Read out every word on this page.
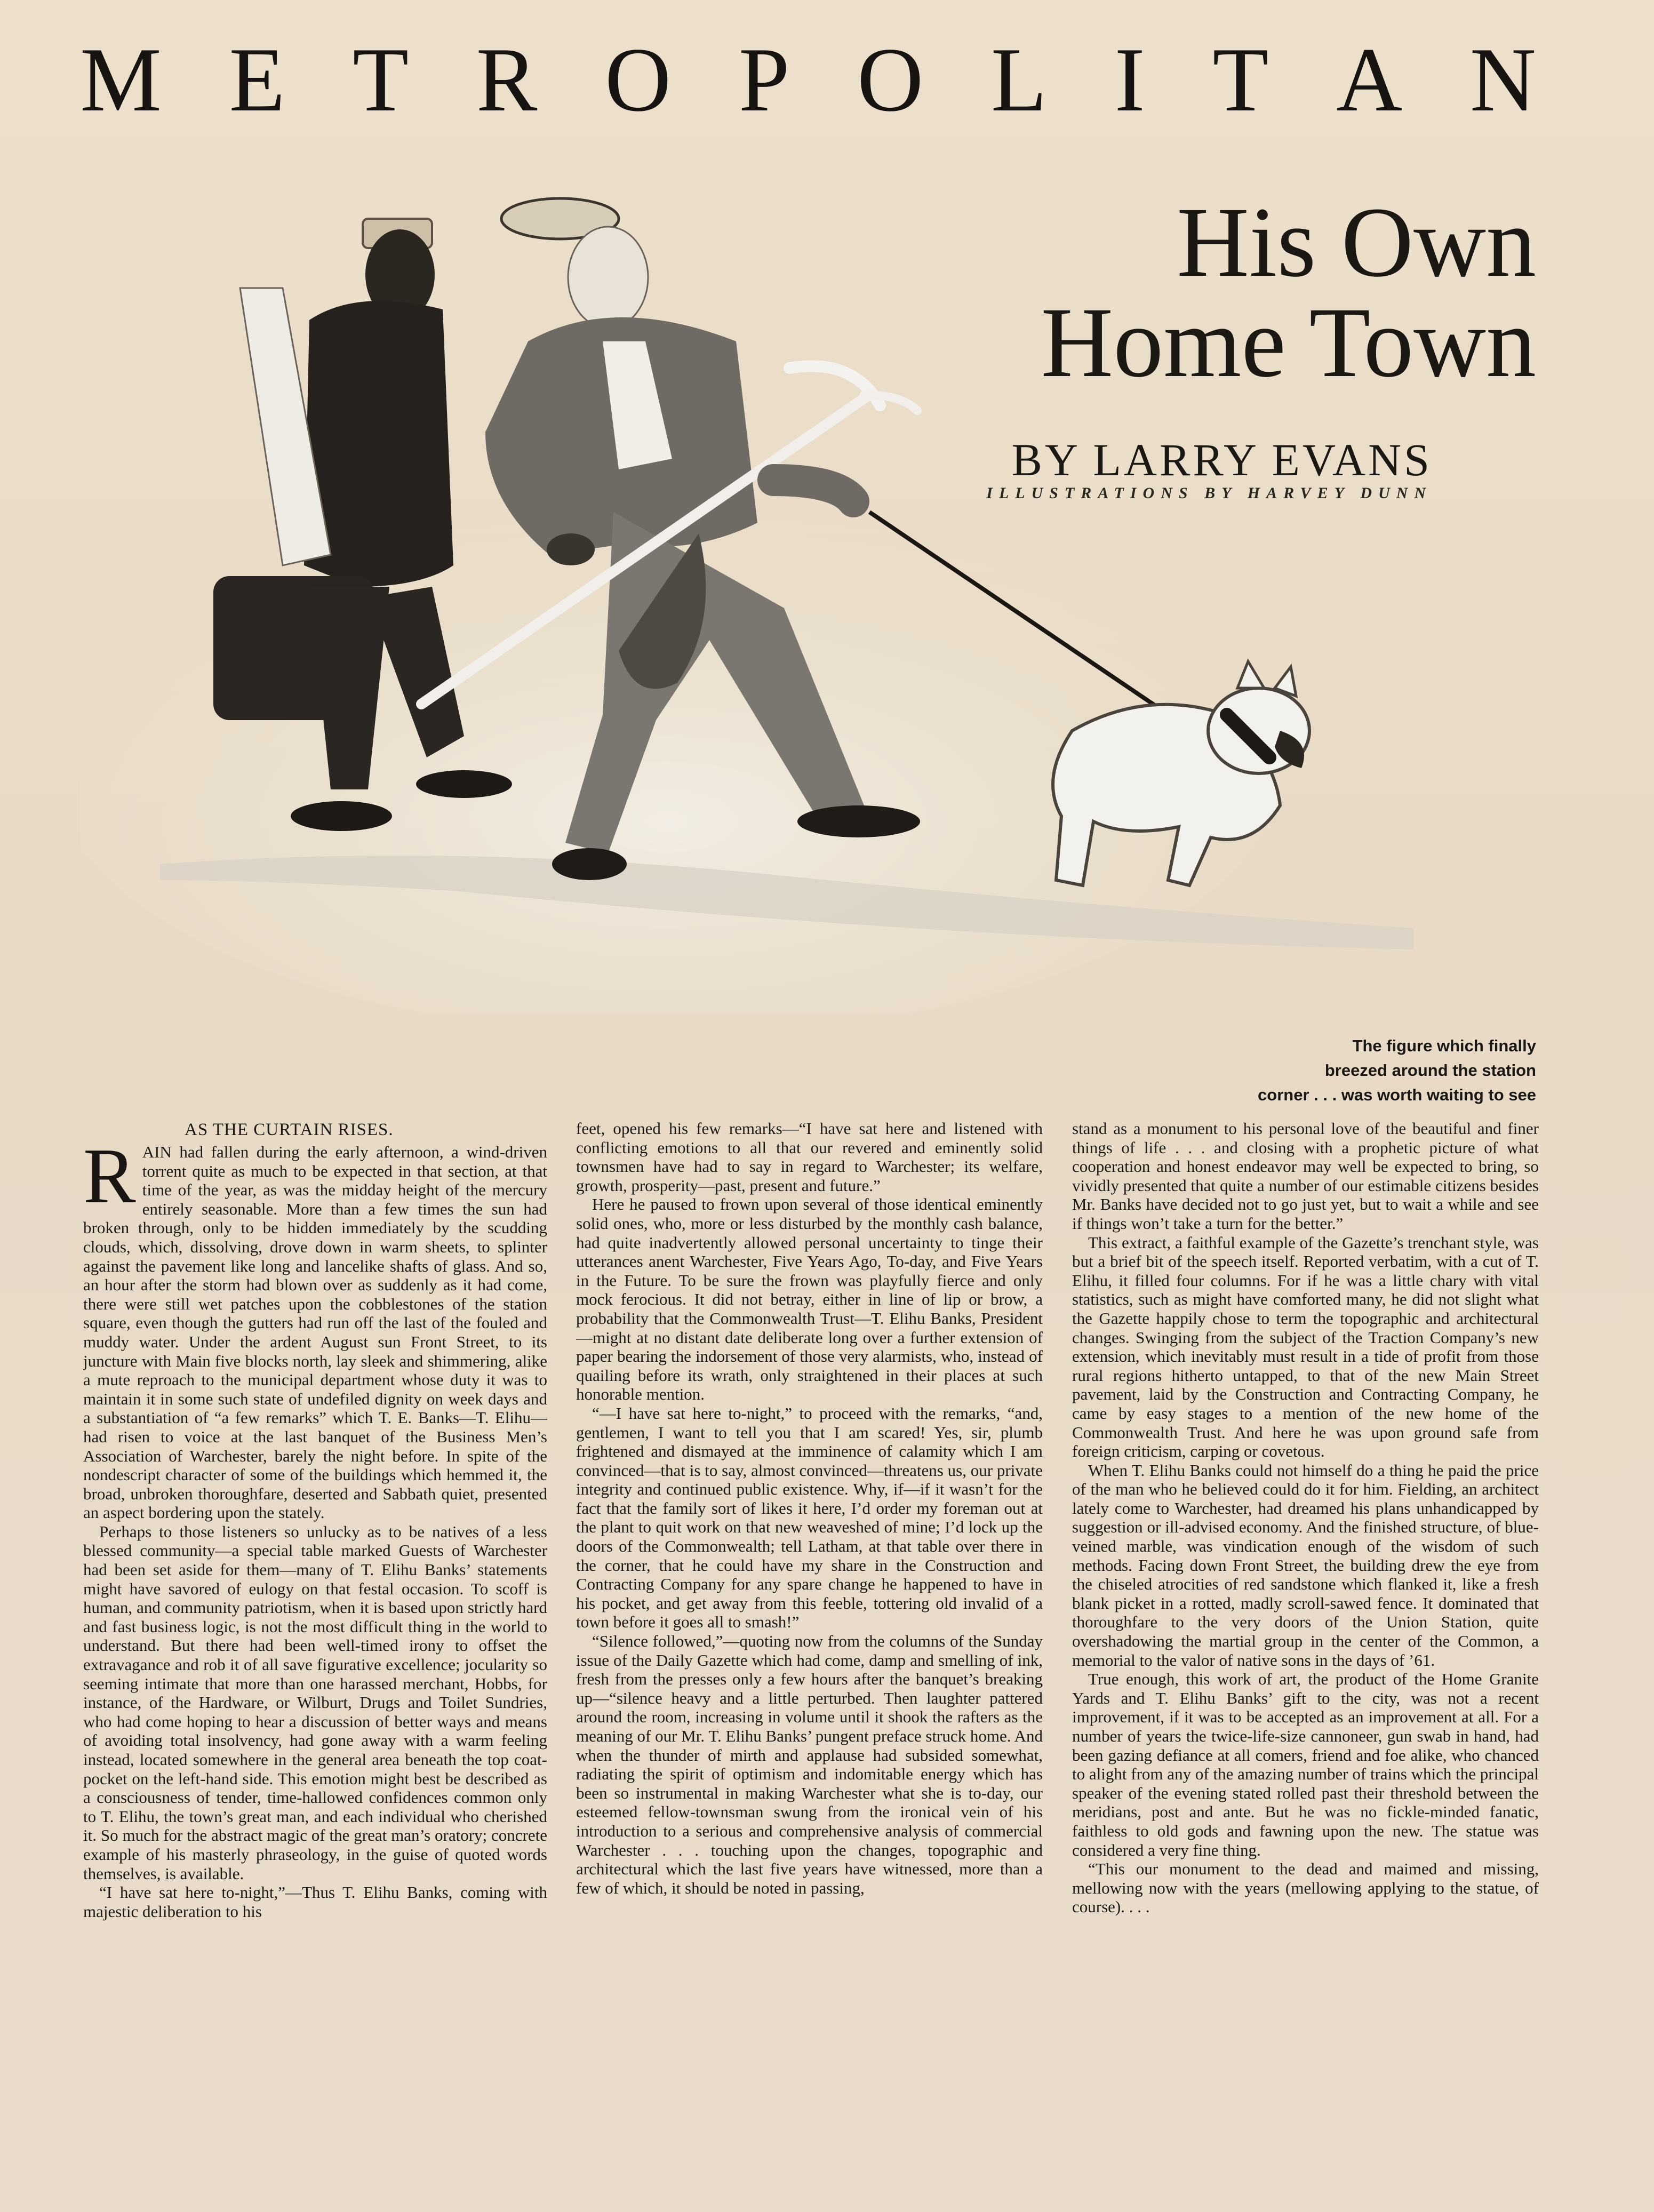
M E T R O P O L I T A N
His Own
Home Town
BY LARRY EVANS
ILLUSTRATIONS BY HARVEY DUNN
The figure which finally
breezed around the station
corner . . . was worth waiting to see
AS THE CURTAIN RISES.

RAIN had fallen during the early afternoon, a wind-driven torrent quite as much to be expected in that section, at that time of the year, as was the midday height of the mercury entirely seasonable. More than a few times the sun had broken through, only to be hidden immediately by the scudding clouds, which, dissolving, drove down in warm sheets, to splinter against the pavement like long and lancelike shafts of glass. And so, an hour after the storm had blown over as suddenly as it had come, there were still wet patches upon the cobblestones of the station square, even though the gutters had run off the last of the fouled and muddy water. Under the ardent August sun Front Street, to its juncture with Main five blocks north, lay sleek and shimmering, alike a mute reproach to the municipal department whose duty it was to maintain it in some such state of undefiled dignity on week days and a substantiation of “a few remarks” which T. E. Banks—T. Elihu—had risen to voice at the last banquet of the Business Men’s Association of Warchester, barely the night before. In spite of the nondescript character of some of the buildings which hemmed it, the broad, unbroken thoroughfare, deserted and Sabbath quiet, presented an aspect bordering upon the stately.

Perhaps to those listeners so unlucky as to be natives of a less blessed community—a special table marked Guests of Warchester had been set aside for them—many of T. Elihu Banks’ statements might have savored of eulogy on that festal occasion. To scoff is human, and community patriotism, when it is based upon strictly hard and fast business logic, is not the most difficult thing in the world to understand. But there had been well-timed irony to offset the extravagance and rob it of all save figurative excellence; jocularity so seeming intimate that more than one harassed merchant, Hobbs, for instance, of the Hardware, or Wilburt, Drugs and Toilet Sundries, who had come hoping to hear a discussion of better ways and means of avoiding total insolvency, had gone away with a warm feeling instead, located somewhere in the general area beneath the top coat-pocket on the left-hand side. This emotion might best be described as a consciousness of tender, time-hallowed confidences common only to T. Elihu, the town’s great man, and each individual who cherished it. So much for the abstract magic of the great man’s oratory; concrete example of his masterly phraseology, in the guise of quoted words themselves, is available.

“I have sat here to-night,”—Thus T. Elihu Banks, coming with majestic deliberation to his

feet, opened his few remarks—“I have sat here and listened with conflicting emotions to all that our revered and eminently solid townsmen have had to say in regard to Warchester; its welfare, growth, prosperity—past, present and future.”

Here he paused to frown upon several of those identical eminently solid ones, who, more or less disturbed by the monthly cash balance, had quite inadvertently allowed personal uncertainty to tinge their utterances anent Warchester, Five Years Ago, To-day, and Five Years in the Future. To be sure the frown was playfully fierce and only mock ferocious. It did not betray, either in line of lip or brow, a probability that the Commonwealth Trust—T. Elihu Banks, President—might at no distant date deliberate long over a further extension of paper bearing the indorsement of those very alarmists, who, instead of quailing before its wrath, only straightened in their places at such honorable mention.

“—I have sat here to-night,” to proceed with the remarks, “and, gentlemen, I want to tell you that I am scared! Yes, sir, plumb frightened and dismayed at the imminence of calamity which I am convinced—that is to say, almost convinced—threatens us, our private integrity and continued public existence. Why, if—if it wasn’t for the fact that the family sort of likes it here, I’d order my foreman out at the plant to quit work on that new weaveshed of mine; I’d lock up the doors of the Commonwealth; tell Latham, at that table over there in the corner, that he could have my share in the Construction and Contracting Company for any spare change he happened to have in his pocket, and get away from this feeble, tottering old invalid of a town before it goes all to smash!”

“Silence followed,”—quoting now from the columns of the Sunday issue of the Daily Gazette which had come, damp and smelling of ink, fresh from the presses only a few hours after the banquet’s breaking up—“silence heavy and a little perturbed. Then laughter pattered around the room, increasing in volume until it shook the rafters as the meaning of our Mr. T. Elihu Banks’ pungent preface struck home. And when the thunder of mirth and applause had subsided somewhat, radiating the spirit of optimism and indomitable energy which has been so instrumental in making Warchester what she is to-day, our esteemed fellow-townsman swung from the ironical vein of his introduction to a serious and comprehensive analysis of commercial Warchester . . . touching upon the changes, topographic and architectural which the last five years have witnessed, more than a few of which, it should be noted in passing,

stand as a monument to his personal love of the beautiful and finer things of life . . . and closing with a prophetic picture of what cooperation and honest endeavor may well be expected to bring, so vividly presented that quite a number of our estimable citizens besides Mr. Banks have decided not to go just yet, but to wait a while and see if things won’t take a turn for the better.”

This extract, a faithful example of the Gazette’s trenchant style, was but a brief bit of the speech itself. Reported verbatim, with a cut of T. Elihu, it filled four columns. For if he was a little chary with vital statistics, such as might have comforted many, he did not slight what the Gazette happily chose to term the topographic and architectural changes. Swinging from the subject of the Traction Company’s new extension, which inevitably must result in a tide of profit from those rural regions hitherto untapped, to that of the new Main Street pavement, laid by the Construction and Contracting Company, he came by easy stages to a mention of the new home of the Commonwealth Trust. And here he was upon ground safe from foreign criticism, carping or covetous.

When T. Elihu Banks could not himself do a thing he paid the price of the man who he believed could do it for him. Fielding, an architect lately come to Warchester, had dreamed his plans unhandicapped by suggestion or ill-advised economy. And the finished structure, of blue-veined marble, was vindication enough of the wisdom of such methods. Facing down Front Street, the building drew the eye from the chiseled atrocities of red sandstone which flanked it, like a fresh blank picket in a rotted, madly scroll-sawed fence. It dominated that thoroughfare to the very doors of the Union Station, quite overshadowing the martial group in the center of the Common, a memorial to the valor of native sons in the days of ’61.

True enough, this work of art, the product of the Home Granite Yards and T. Elihu Banks’ gift to the city, was not a recent improvement, if it was to be accepted as an improvement at all. For a number of years the twice-life-size cannoneer, gun swab in hand, had been gazing defiance at all comers, friend and foe alike, who chanced to alight from any of the amazing number of trains which the principal speaker of the evening stated rolled past their threshold between the meridians, post and ante. But he was no fickle-minded fanatic, faithless to old gods and fawning upon the new. The statue was considered a very fine thing.

“This our monument to the dead and maimed and missing, mellowing now with the years (mellowing applying to the statue, of course). . . .
